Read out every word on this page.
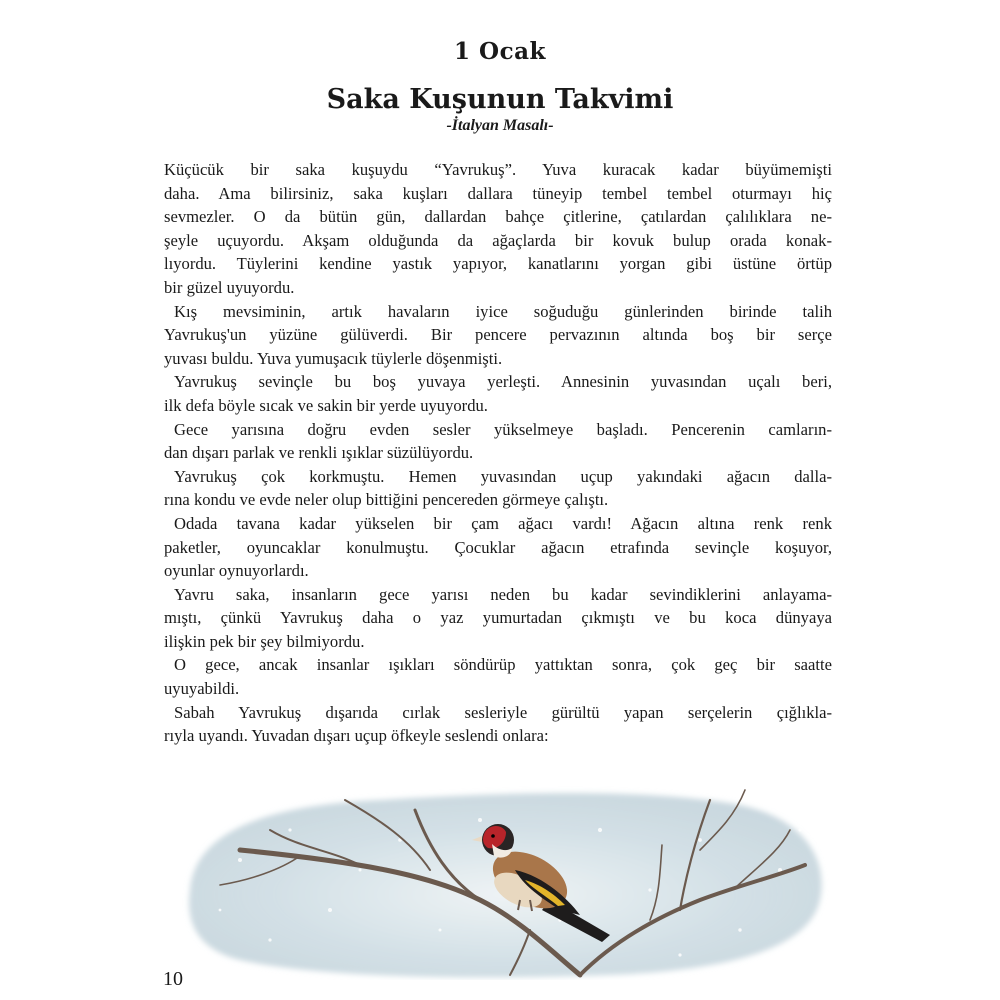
1 Ocak
Saka Kuşunun Takvimi
-İtalyan Masalı-
Küçücük bir saka kuşuydu “Yavrukuş”. Yuva kuracak kadar büyümemişti
daha. Ama bilirsiniz, saka kuşları dallara tüneyip tembel tembel oturmayı hiç
sevmezler. O da bütün gün, dallardan bahçe çitlerine, çatılardan çalılıklara ne-
şeyle uçuyordu. Akşam olduğunda da ağaçlarda bir kovuk bulup orada konak-
lıyordu. Tüylerini kendine yastık yapıyor, kanatlarını yorgan gibi üstüne örtüp
bir güzel uyuyordu.
Kış mevsiminin, artık havaların iyice soğuduğu günlerinden birinde talih
Yavrukuş'un yüzüne gülüverdi. Bir pencere pervazının altında boş bir serçe
yuvası buldu. Yuva yumuşacık tüylerle döşenmişti.
Yavrukuş sevinçle bu boş yuvaya yerleşti. Annesinin yuvasından uçalı beri,
ilk defa böyle sıcak ve sakin bir yerde uyuyordu.
Gece yarısına doğru evden sesler yükselmeye başladı. Pencerenin camların-
dan dışarı parlak ve renkli ışıklar süzülüyordu.
Yavrukuş çok korkmuştu. Hemen yuvasından uçup yakındaki ağacın dalla-
rına kondu ve evde neler olup bittiğini pencereden görmeye çalıştı.
Odada tavana kadar yükselen bir çam ağacı vardı! Ağacın altına renk renk
paketler, oyuncaklar konulmuştu. Çocuklar ağacın etrafında sevinçle koşuyor,
oyunlar oynuyorlardı.
Yavru saka, insanların gece yarısı neden bu kadar sevindiklerini anlayama-
mıştı, çünkü Yavrukuş daha o yaz yumurtadan çıkmıştı ve bu koca dünyaya
ilişkin pek bir şey bilmiyordu.
O gece, ancak insanlar ışıkları söndürüp yattıktan sonra, çok geç bir saatte
uyuyabildi.
Sabah Yavrukuş dışarıda cırlak sesleriyle gürültü yapan serçelerin çığlıkla-
rıyla uyandı. Yuvadan dışarı uçup öfkeyle seslendi onlara:
10
